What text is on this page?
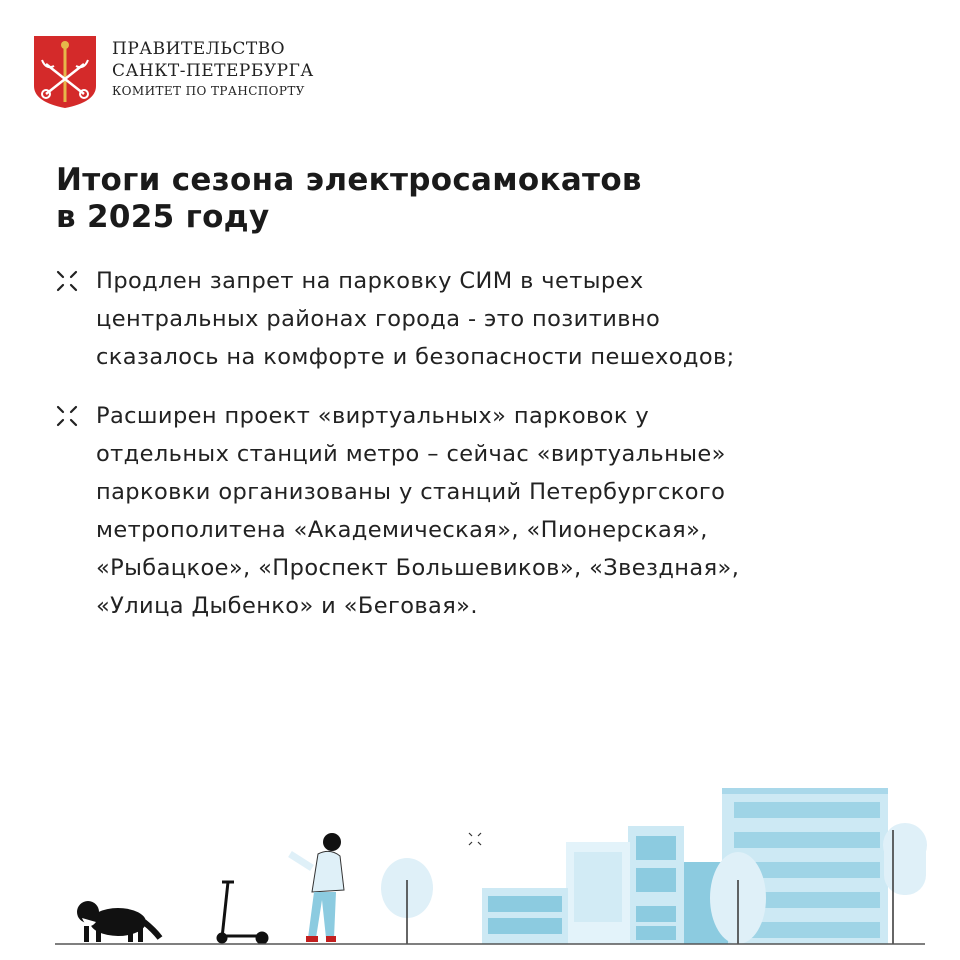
ПРАВИТЕЛЬСТВО
САНКТ-ПЕТЕРБУРГА
КОМИТЕТ ПО ТРАНСПОРТУ
Итоги сезона электросамокатов
в 2025 году
Продлен запрет на парковку СИМ в четырех
центральных районах города - это позитивно
сказалось на комфорте и безопасности пешеходов;
Расширен проект «виртуальных» парковок у
отдельных станций метро – сейчас «виртуальные»
парковки организованы у станций Петербургского
метрополитена «Академическая», «Пионерская»,
«Рыбацкое», «Проспект Большевиков», «Звездная»,
«Улица Дыбенко» и «Беговая».
